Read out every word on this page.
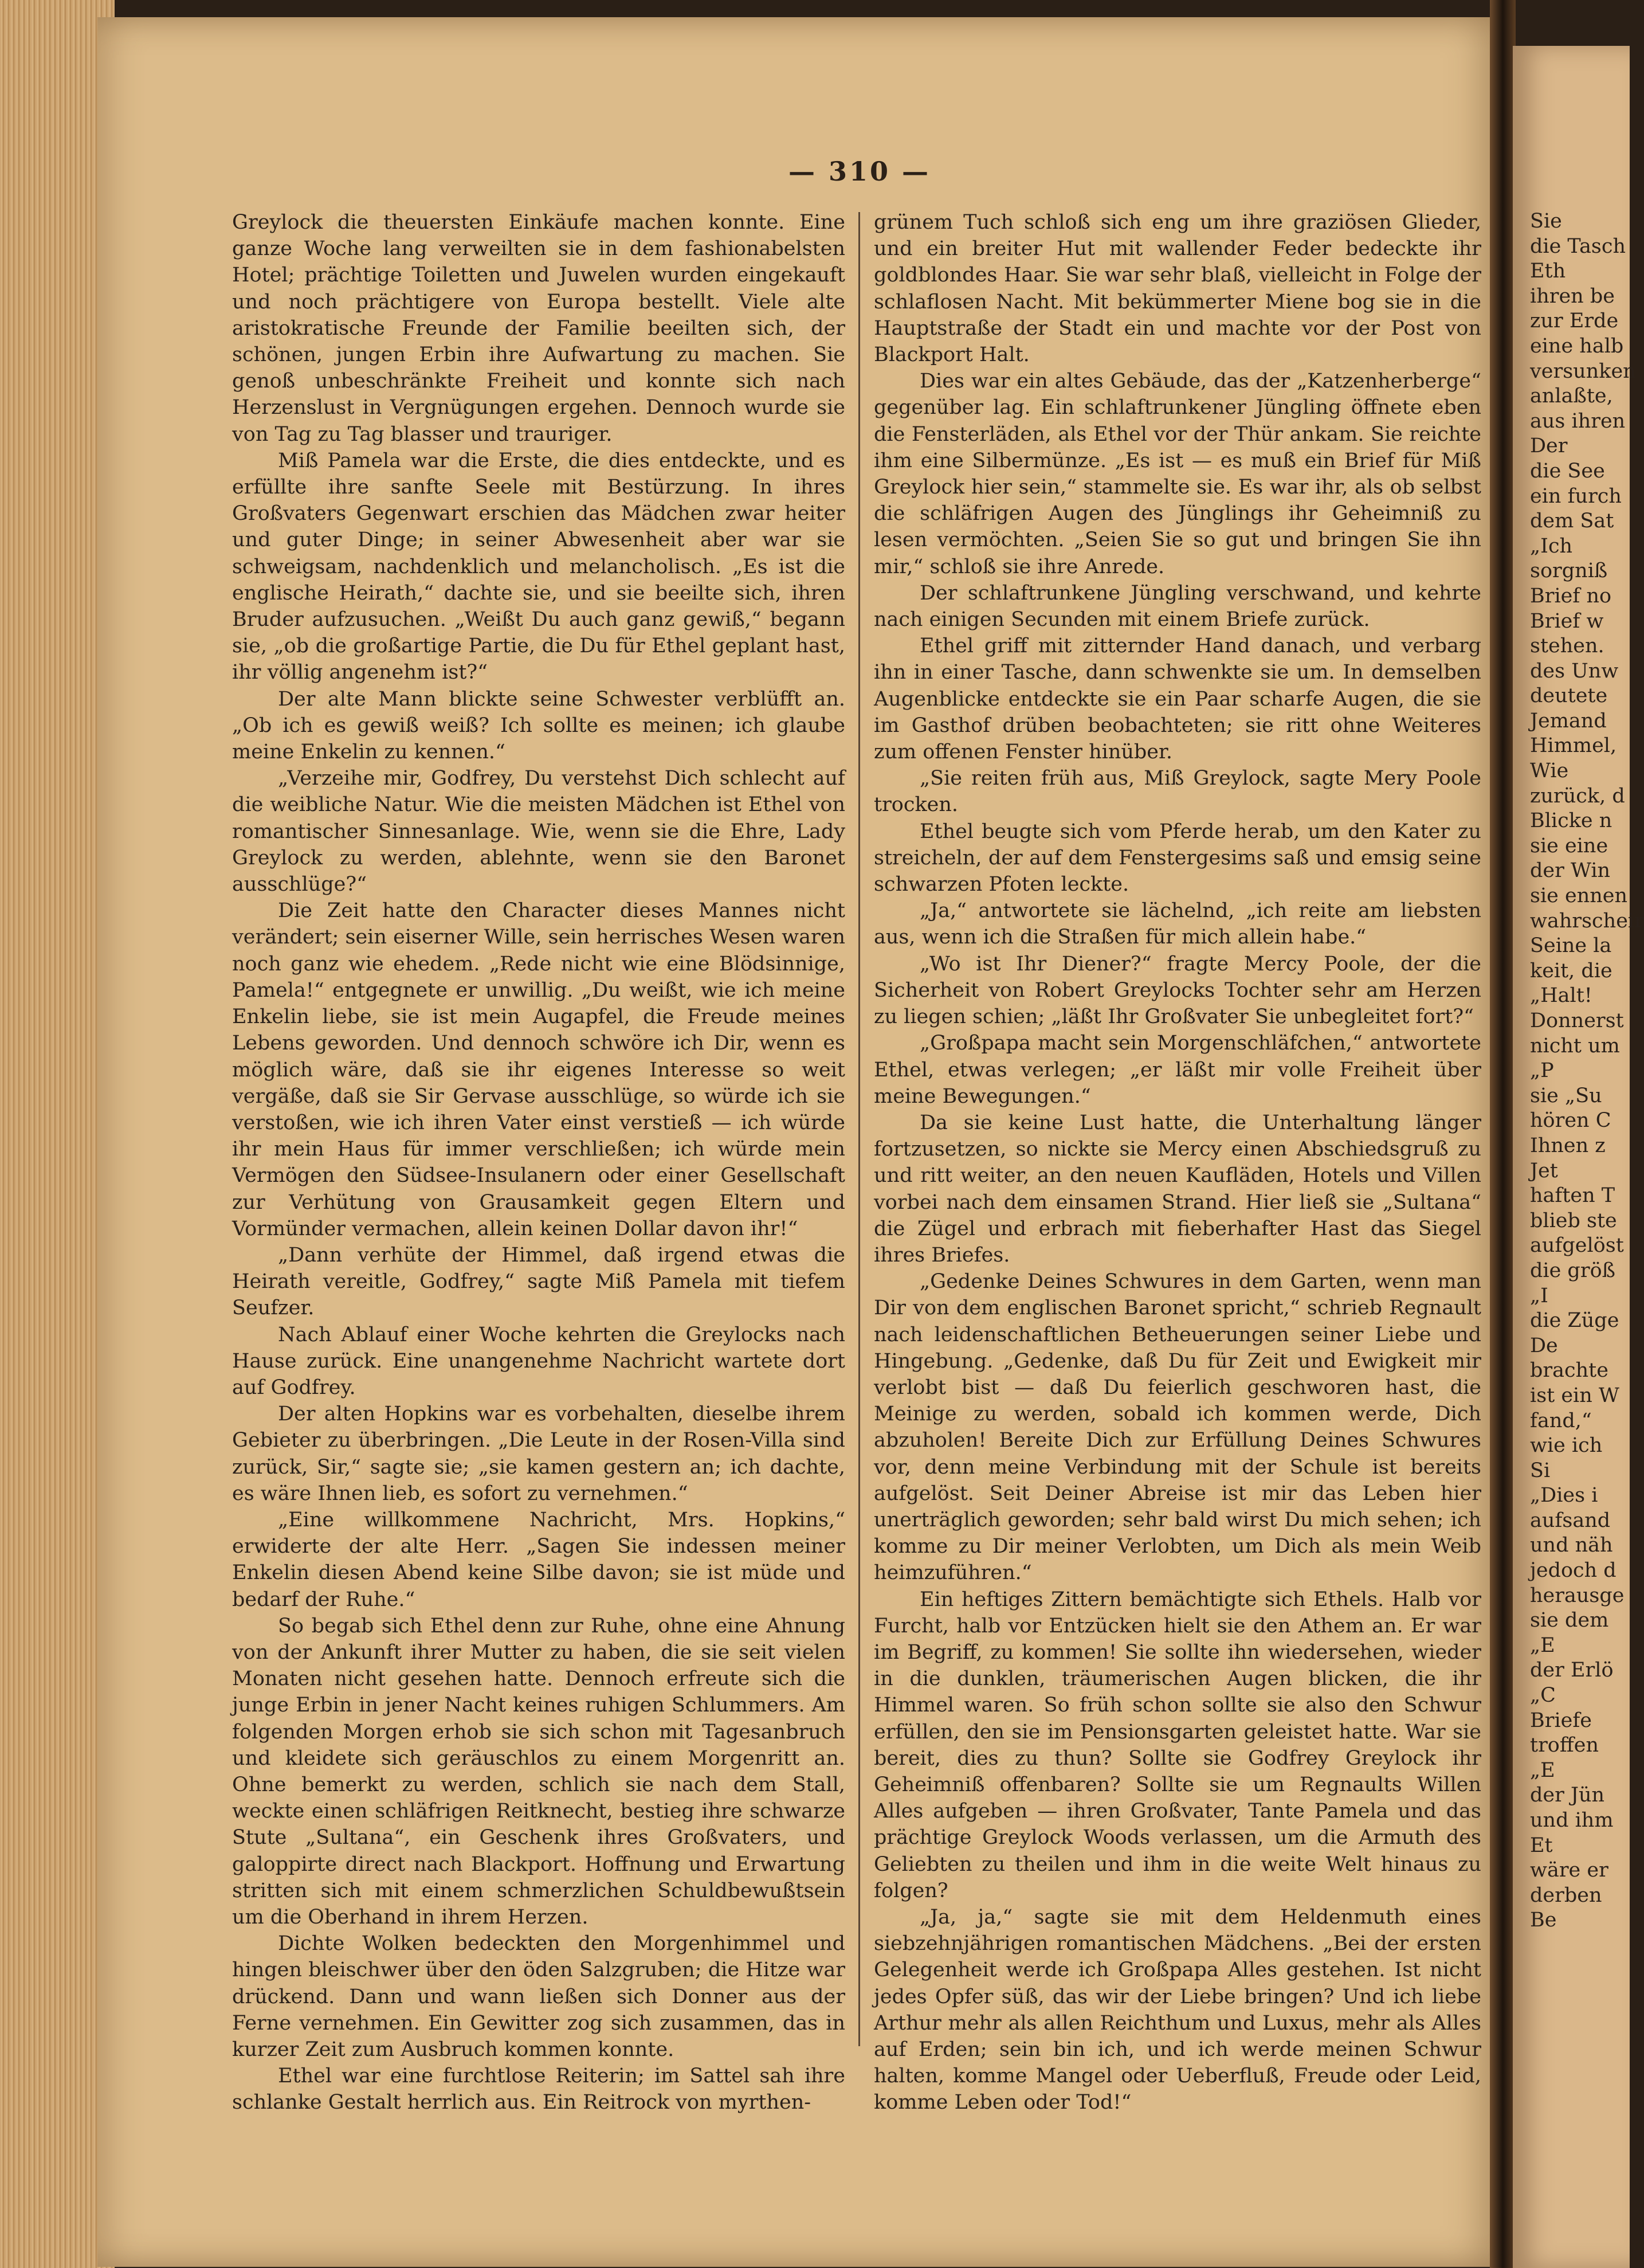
Sie
die Tasch
Eth
ihren be
zur Erde
eine halb
versunken
anlaßte,
aus ihren
Der
die See
ein furch
dem Sat
„Ich
sorgniß
Brief no
Brief w
stehen.
des Unw
deutete
Jemand
Himmel,
Wie
zurück, d
Blicke n
sie eine
der Win
sie ennen
wahrscheir
Seine la
keit, die
„Halt!
Donnerst
nicht um
„P
sie „Su
hören C
Ihnen z
Jet
haften T
blieb ste
aufgelöst
die größ
„I
die Züge
De
brachte
ist ein W
fand,“
wie ich
Si
„Dies i
aufsand
und näh
jedoch d
herausge
sie dem
„E
der Erlö
„C
Briefe
troffen
„E
der Jün
und ihm
Et
wäre er
derben
Be
— 310 —

Greylock die theuersten Einkäufe machen konnte. Eine ganze Woche lang verweilten sie in dem fashionabelsten Hotel; prächtige Toiletten und Juwelen wurden eingekauft und noch prächtigere von Europa bestellt. Viele alte aristokratische Freunde der Familie beeilten sich, der schönen, jungen Erbin ihre Aufwartung zu machen. Sie genoß unbeschränkte Freiheit und konnte sich nach Herzenslust in Vergnügungen ergehen. Dennoch wurde sie von Tag zu Tag blasser und trauriger.

Miß Pamela war die Erste, die dies entdeckte, und es erfüllte ihre sanfte Seele mit Bestürzung. In ihres Großvaters Gegenwart erschien das Mädchen zwar heiter und guter Dinge; in seiner Abwesenheit aber war sie schweigsam, nachdenklich und melancholisch. „Es ist die englische Heirath,“ dachte sie, und sie beeilte sich, ihren Bruder aufzusuchen. „Weißt Du auch ganz gewiß,“ begann sie, „ob die großartige Partie, die Du für Ethel geplant hast, ihr völlig angenehm ist?“

Der alte Mann blickte seine Schwester verblüfft an. „Ob ich es gewiß weiß? Ich sollte es meinen; ich glaube meine Enkelin zu kennen.“

„Verzeihe mir, Godfrey, Du verstehst Dich schlecht auf die weibliche Natur. Wie die meisten Mädchen ist Ethel von romantischer Sinnesanlage. Wie, wenn sie die Ehre, Lady Greylock zu werden, ablehnte, wenn sie den Baronet ausschlüge?“

Die Zeit hatte den Character dieses Mannes nicht verändert; sein eiserner Wille, sein herrisches Wesen waren noch ganz wie ehedem. „Rede nicht wie eine Blödsinnige, Pamela!“ entgegnete er unwillig. „Du weißt, wie ich meine Enkelin liebe, sie ist mein Augapfel, die Freude meines Lebens geworden. Und dennoch schwöre ich Dir, wenn es möglich wäre, daß sie ihr eigenes Interesse so weit vergäße, daß sie Sir Gervase ausschlüge, so würde ich sie verstoßen, wie ich ihren Vater einst verstieß — ich würde ihr mein Haus für immer verschließen; ich würde mein Vermögen den Südsee-Insulanern oder einer Gesellschaft zur Verhütung von Grausamkeit gegen Eltern und Vormünder vermachen, allein keinen Dollar davon ihr!“

„Dann verhüte der Himmel, daß irgend etwas die Heirath vereitle, Godfrey,“ sagte Miß Pamela mit tiefem Seufzer.

Nach Ablauf einer Woche kehrten die Greylocks nach Hause zurück. Eine unangenehme Nachricht wartete dort auf Godfrey.

Der alten Hopkins war es vorbehalten, dieselbe ihrem Gebieter zu überbringen. „Die Leute in der Rosen-Villa sind zurück, Sir,“ sagte sie; „sie kamen gestern an; ich dachte, es wäre Ihnen lieb, es sofort zu vernehmen.“

„Eine willkommene Nachricht, Mrs. Hopkins,“ erwiderte der alte Herr. „Sagen Sie indessen meiner Enkelin diesen Abend keine Silbe davon; sie ist müde und bedarf der Ruhe.“

So begab sich Ethel denn zur Ruhe, ohne eine Ahnung von der Ankunft ihrer Mutter zu haben, die sie seit vielen Monaten nicht gesehen hatte. Dennoch erfreute sich die junge Erbin in jener Nacht keines ruhigen Schlummers. Am folgenden Morgen erhob sie sich schon mit Tagesanbruch und kleidete sich geräuschlos zu einem Morgenritt an. Ohne bemerkt zu werden, schlich sie nach dem Stall, weckte einen schläfrigen Reitknecht, bestieg ihre schwarze Stute „Sultana“, ein Geschenk ihres Großvaters, und galoppirte direct nach Blackport. Hoffnung und Erwartung stritten sich mit einem schmerzlichen Schuldbewußtsein um die Oberhand in ihrem Herzen.

Dichte Wolken bedeckten den Morgenhimmel und hingen bleischwer über den öden Salzgruben; die Hitze war drückend. Dann und wann ließen sich Donner aus der Ferne vernehmen. Ein Gewitter zog sich zusammen, das in kurzer Zeit zum Ausbruch kommen konnte.

Ethel war eine furchtlose Reiterin; im Sattel sah ihre schlanke Gestalt herrlich aus. Ein Reitrock von myrthen-

grünem Tuch schloß sich eng um ihre graziösen Glieder, und ein breiter Hut mit wallender Feder bedeckte ihr goldblondes Haar. Sie war sehr blaß, vielleicht in Folge der schlaflosen Nacht. Mit bekümmerter Miene bog sie in die Hauptstraße der Stadt ein und machte vor der Post von Blackport Halt.

Dies war ein altes Gebäude, das der „Katzenherberge“ gegenüber lag. Ein schlaftrunkener Jüngling öffnete eben die Fensterläden, als Ethel vor der Thür ankam. Sie reichte ihm eine Silbermünze. „Es ist — es muß ein Brief für Miß Greylock hier sein,“ stammelte sie. Es war ihr, als ob selbst die schläfrigen Augen des Jünglings ihr Geheimniß zu lesen vermöchten. „Seien Sie so gut und bringen Sie ihn mir,“ schloß sie ihre Anrede.

Der schlaftrunkene Jüngling verschwand, und kehrte nach einigen Secunden mit einem Briefe zurück.

Ethel griff mit zitternder Hand danach, und verbarg ihn in einer Tasche, dann schwenkte sie um. In demselben Augenblicke entdeckte sie ein Paar scharfe Augen, die sie im Gasthof drüben beobachteten; sie ritt ohne Weiteres zum offenen Fenster hinüber.

„Sie reiten früh aus, Miß Greylock, sagte Mery Poole trocken.

Ethel beugte sich vom Pferde herab, um den Kater zu streicheln, der auf dem Fenstergesims saß und emsig seine schwarzen Pfoten leckte.

„Ja,“ antwortete sie lächelnd, „ich reite am liebsten aus, wenn ich die Straßen für mich allein habe.“

„Wo ist Ihr Diener?“ fragte Mercy Poole, der die Sicherheit von Robert Greylocks Tochter sehr am Herzen zu liegen schien; „läßt Ihr Großvater Sie unbegleitet fort?“

„Großpapa macht sein Morgenschläfchen,“ antwortete Ethel, etwas verlegen; „er läßt mir volle Freiheit über meine Bewegungen.“

Da sie keine Lust hatte, die Unterhaltung länger fortzusetzen, so nickte sie Mercy einen Abschiedsgruß zu und ritt weiter, an den neuen Kaufläden, Hotels und Villen vorbei nach dem einsamen Strand. Hier ließ sie „Sultana“ die Zügel und erbrach mit fieberhafter Hast das Siegel ihres Briefes.

„Gedenke Deines Schwures in dem Garten, wenn man Dir von dem englischen Baronet spricht,“ schrieb Regnault nach leidenschaftlichen Betheuerungen seiner Liebe und Hingebung. „Gedenke, daß Du für Zeit und Ewigkeit mir verlobt bist — daß Du feierlich geschworen hast, die Meinige zu werden, sobald ich kommen werde, Dich abzuholen! Bereite Dich zur Erfüllung Deines Schwures vor, denn meine Verbindung mit der Schule ist bereits aufgelöst. Seit Deiner Abreise ist mir das Leben hier unerträglich geworden; sehr bald wirst Du mich sehen; ich komme zu Dir meiner Verlobten, um Dich als mein Weib heimzuführen.“

Ein heftiges Zittern bemächtigte sich Ethels. Halb vor Furcht, halb vor Entzücken hielt sie den Athem an. Er war im Begriff, zu kommen! Sie sollte ihn wiedersehen, wieder in die dunklen, träumerischen Augen blicken, die ihr Himmel waren. So früh schon sollte sie also den Schwur erfüllen, den sie im Pensionsgarten geleistet hatte. War sie bereit, dies zu thun? Sollte sie Godfrey Greylock ihr Geheimniß offenbaren? Sollte sie um Regnaults Willen Alles aufgeben — ihren Großvater, Tante Pamela und das prächtige Greylock Woods verlassen, um die Armuth des Geliebten zu theilen und ihm in die weite Welt hinaus zu folgen?

„Ja, ja,“ sagte sie mit dem Heldenmuth eines siebzehnjährigen romantischen Mädchens. „Bei der ersten Gelegenheit werde ich Großpapa Alles gestehen. Ist nicht jedes Opfer süß, das wir der Liebe bringen? Und ich liebe Arthur mehr als allen Reichthum und Luxus, mehr als Alles auf Erden; sein bin ich, und ich werde meinen Schwur halten, komme Mangel oder Ueberfluß, Freude oder Leid, komme Leben oder Tod!“
